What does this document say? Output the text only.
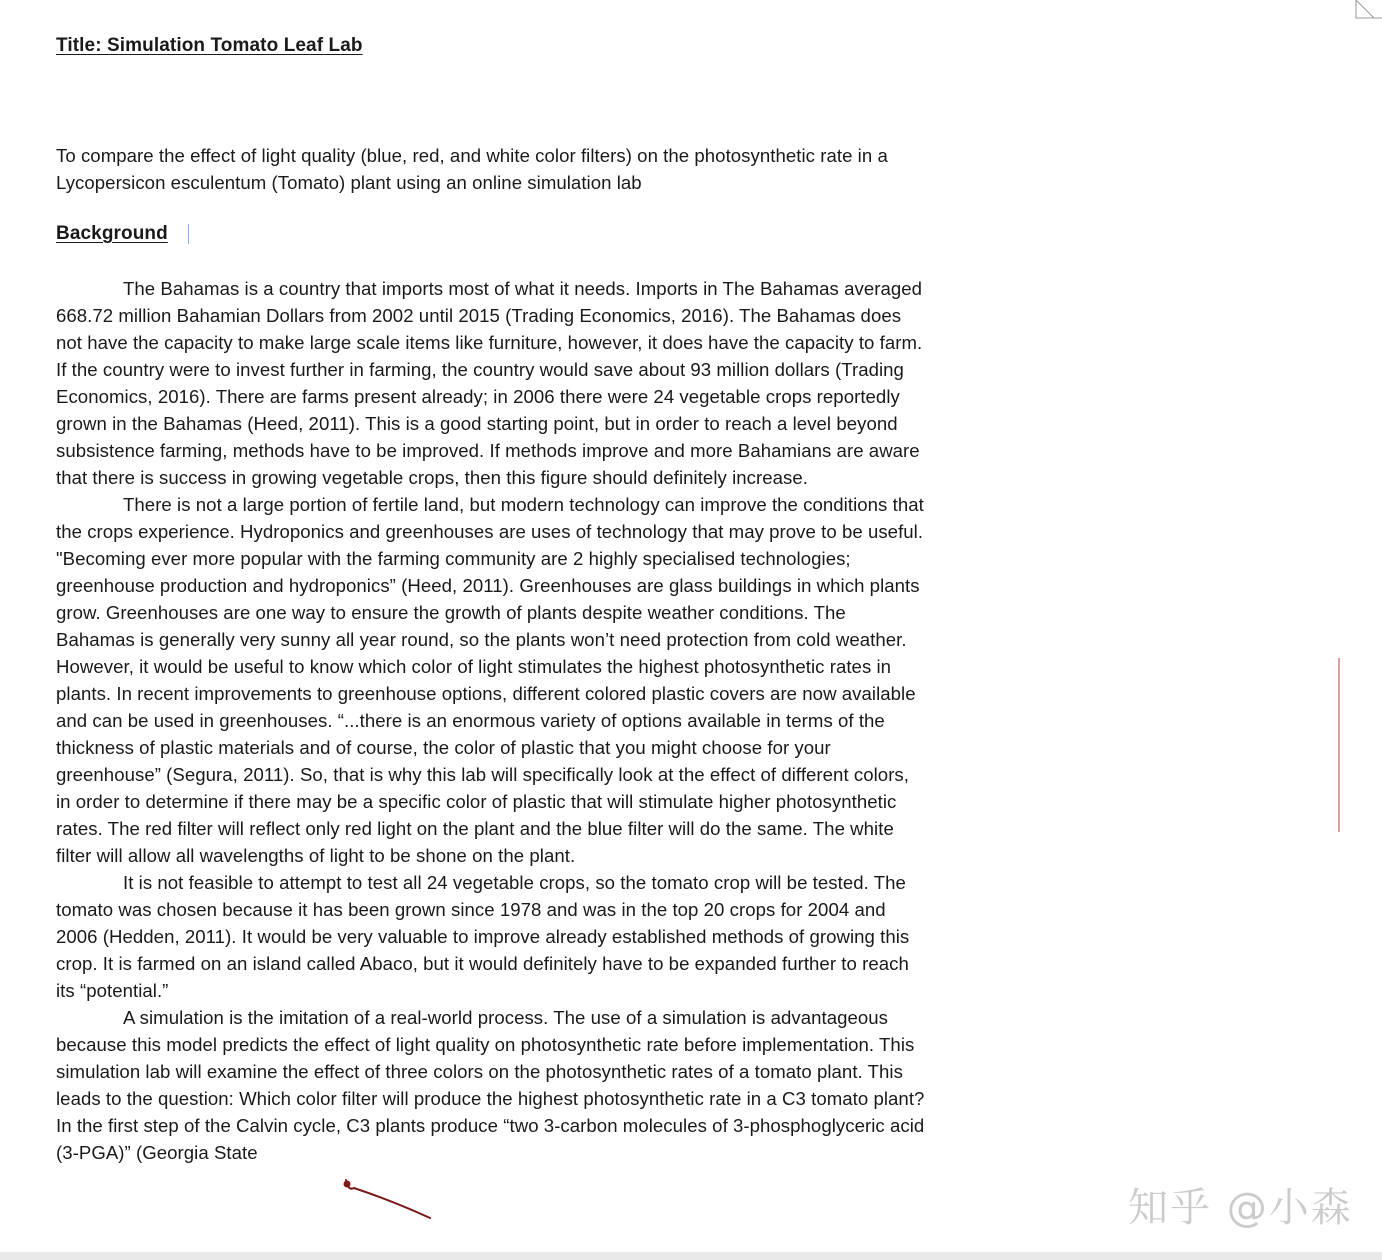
Title: Simulation Tomato Leaf Lab

To compare the effect of light quality (blue, red, and white color filters) on the photosynthetic rate in a Lycopersicon esculentum (Tomato) plant using an online simulation lab

Background

The Bahamas is a country that imports most of what it needs. Imports in The Bahamas averaged 668.72 million Bahamian Dollars from 2002 until 2015 (Trading Economics, 2016). The Bahamas does not have the capacity to make large scale items like furniture, however, it does have the capacity to farm. If the country were to invest further in farming, the country would save about 93 million dollars (Trading Economics, 2016). There are farms present already; in 2006 there were 24 vegetable crops reportedly grown in the Bahamas (Heed, 2011). This is a good starting point, but in order to reach a level beyond subsistence farming, methods have to be improved. If methods improve and more Bahamians are aware that there is success in growing vegetable crops, then this figure should definitely increase.

There is not a large portion of fertile land, but modern technology can improve the conditions that the crops experience. Hydroponics and greenhouses are uses of technology that may prove to be useful. "Becoming ever more popular with the farming community are 2 highly specialised technologies; greenhouse production and hydroponics” (Heed, 2011). Greenhouses are glass buildings in which plants grow. Greenhouses are one way to ensure the growth of plants despite weather conditions. The Bahamas is generally very sunny all year round, so the plants won’t need protection from cold weather. However, it would be useful to know which color of light stimulates the highest photosynthetic rates in plants. In recent improvements to greenhouse options, different colored plastic covers are now available and can be used in greenhouses. “...there is an enormous variety of options available in terms of the thickness of plastic materials and of course, the color of plastic that you might choose for your greenhouse” (Segura, 2011). So, that is why this lab will specifically look at the effect of different colors, in order to determine if there may be a specific color of plastic that will stimulate higher photosynthetic rates. The red filter will reflect only red light on the plant and the blue filter will do the same. The white filter will allow all wavelengths of light to be shone on the plant.

It is not feasible to attempt to test all 24 vegetable crops, so the tomato crop will be tested. The tomato was chosen because it has been grown since 1978 and was in the top 20 crops for 2004 and 2006 (Hedden, 2011). It would be very valuable to improve already established methods of growing this crop. It is farmed on an island called Abaco, but it would definitely have to be expanded further to reach its “potential.”

A simulation is the imitation of a real-world process. The use of a simulation is advantageous because this model predicts the effect of light quality on photosynthetic rate before implementation. This simulation lab will examine the effect of three colors on the photosynthetic rates of a tomato plant. This leads to the question: Which color filter will produce the highest photosynthetic rate in a C3 tomato plant? In the first step of the Calvin cycle, C3 plants produce “two 3-carbon molecules of 3-phosphoglyceric acid (3-PGA)” (Georgia State

知乎 @小森
